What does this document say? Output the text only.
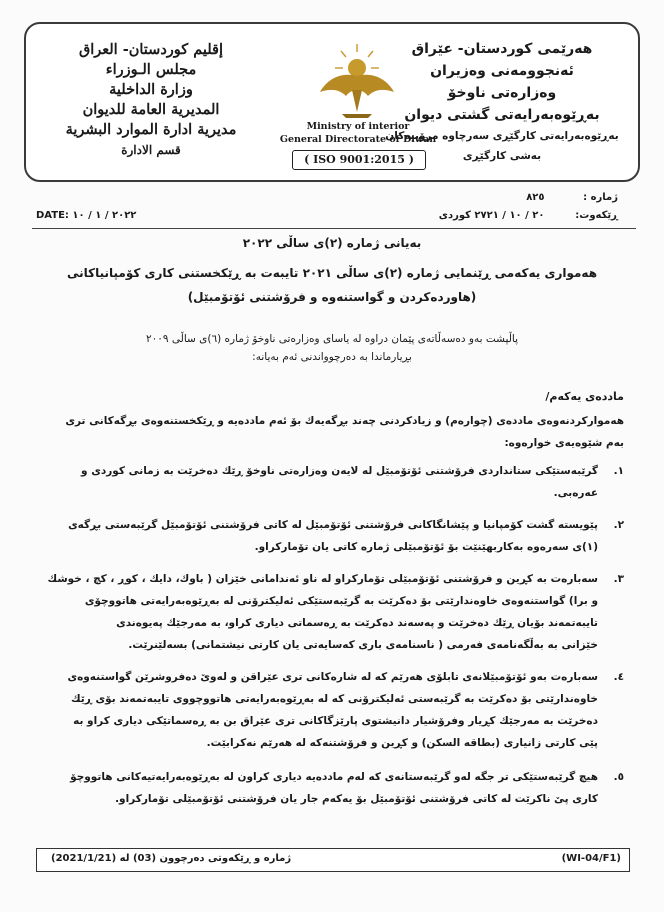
هەرێمی كوردستان- عێراق
ئەنجوومەنی وەزیران
وەزارەتی ناوخۆ
بەڕێوەبەرایەتی گشتی دیوان
بەڕێوەبەرایەتی كارگێڕی سەرچاوە مرۆییەكان
بەشی كارگێڕی
Ministry of interior
General Directorate of Diwan
( ISO 9001:2015 )
إقليم كوردستان- العراق
مجلس الـوزراء
وزارة الداخلية
المديرية العامة للديوان
مديرية ادارة الموارد البشرية
قسم الادارة
ژمارە : ٨٢٥
ڕێكەوت: ٢٠ / ١٠ / ٢٧٢١ كوردی
DATE: ٢٠٢٢ / ١ / ١٠
بەیانی ژمارە (٢)ی ساڵی ٢٠٢٢
هەمواری یەكەمی ڕێنمایی ژمارە (٢)ی ساڵی ٢٠٢١ تایبەت بە ڕێكخستنی كاری كۆمپانیاكانی
(هاوردەكردن و گواستنەوە و فرۆشتنی ئۆتۆمبێل)
پاڵپشت بەو دەسەڵاتەی پێمان دراوە لە یاسای وەزارەتی ناوخۆ ژمارە (٦)ی ساڵی ٢٠٠٩
بڕیارماندا بە دەرچوواندنی ئەم بەیانە:
ماددەی یەكەم/
هەمواركردنەوەی ماددەی (چوارەم) و زیادكردنی چەند بڕگەیەك بۆ ئەم ماددەیە و ڕێكخستنەوەی بڕگەكانی تری
بەم شێوەیەی خوارەوە:
١.
گرێبەستێكی ستانداردی فرۆشتنی ئۆتۆمبێل لە لایەن وەزارەتی ناوخۆ ڕێك دەخرێت بە زمانی كوردی و
عەرەبی.
٢.
پێویستە گشت كۆمپانیا و پێشانگاكانی فرۆشتنی ئۆتۆمبێل لە كاتی فرۆشتنی ئۆتۆمبێل گرێبەستی بڕگەی
(١)ی سەرەوە بەكاربهێنێت بۆ ئۆتۆمبێلی ژمارە كاتی یان تۆماركراو.
٣.
سەبارەت بە كڕین و فرۆشتنی ئۆتۆمبێلی تۆماركراو لە ناو ئەندامانی خێزان ( باوك، دایك ، كوڕ ، كچ ، خوشك
و برا) گواستنەوەی خاوەندارێتی بۆ دەكرێت بە گرێبەستێكی ئەلیكترۆنی لە بەڕێوەبەرایەتی هاتووچۆی
تایبەتمەند بۆیان ڕێك دەخرێت و پەسەند دەكرێت بە ڕەسماتی دیاری كراو، بە مەرجێك پەیوەندی
خێزانی بە بەڵگەنامەی فەرمی ( ناسنامەی باری كەسایەتی یان كارتی نیشتمانی) بسەلێنرێت.
٤.
سەبارەت بەو ئۆتۆمبێلانەی تابلۆی هەرێم كە لە شارەكانی تری عێراقن و لەوێ دەفروشرێن گواستنەوەی
خاوەندارێتی بۆ دەكرێت بە گرێبەستی ئەلیكترۆنی كە لە بەڕێوەبەرایەتی هاتووچووی تایبەتمەند بۆی ڕێك
دەخرێت بە مەرجێك كڕیار وفرۆشیار دانیشتوی پارێزگاكانی تری عێراق بن بە ڕەسماتێكی دیاری كراو بە
پێی كارتی زانیاری (بطاقە السكن) و كڕین و فرۆشتنەكە لە هەرێم نەكرابێت.
٥.
هیچ گرێبەستێكی تر جگە لەو گرێبەستانەی كە لەم ماددەیە دیاری كراون لە بەڕێوەبەرایەتیەكانی هاتووچۆ
كاری پێ ناكرێت لە كاتی فرۆشتنی ئۆتۆمبێل بۆ یەكەم جار یان فرۆشتنی ئۆتۆمبێلی تۆماركراو.
(WI-04/F1)
ژمارە و ڕێكەوتی دەرچوون (03) لە (2021/1/21)
